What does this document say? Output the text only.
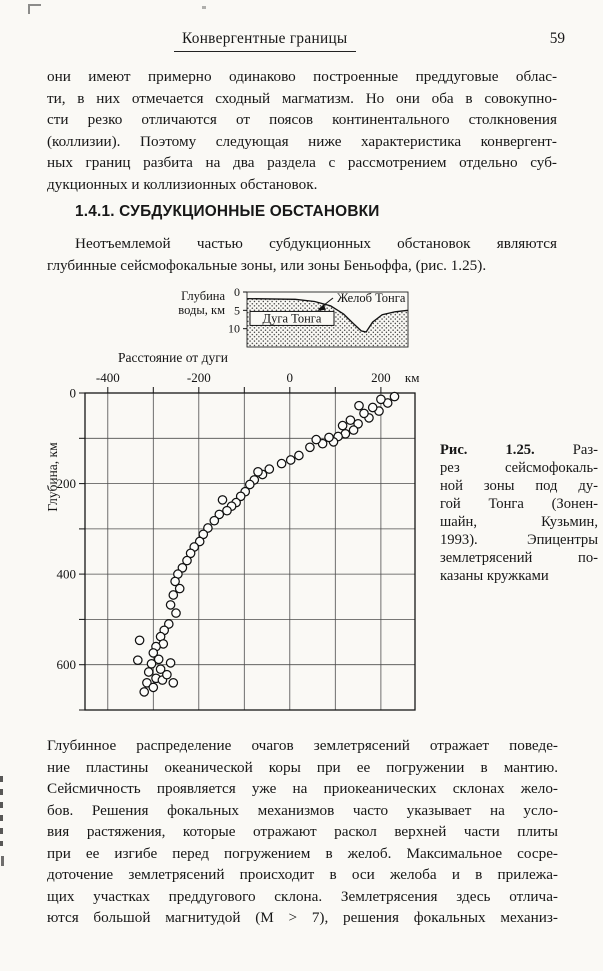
Конвергентные границы	59
они имеют примерно одинаково построенные преддуговые облас-
ти, в них отмечается сходный магматизм. Но они оба в совокупно-
сти резко отличаются от поясов континентального столкновения
(коллизии). Поэтому следующая ниже характеристика конвергент-
ных границ разбита на два раздела с рассмотрением отдельно суб-
дукционных и коллизионных обстановок.
1.4.1. СУБДУКЦИОННЫЕ ОБСТАНОВКИ
Неотъемлемой частью субдукционных обстановок являются
глубинные сейсмофокальные зоны, или зоны Беньоффа, (рис. 1.25).
0
5
10
Глубина
воды, км
Дуга Тонга
Желоб Тонга
-400	-200	0	200 км
0
200
400
600
Расстояние от дуги
Глубина, км	Рис. 1.25.	Раз-
рез сейсмофокаль-
ной зоны под ду-
гой Тонга (Зонен-
шайн, Кузьмин,
1993). Эпицентры
землетрясений по-
казаны кружками
Глубинное распределение очагов землетрясений отражает поведе-
ние пластины океанической коры при ее погружении в мантию.
Сейсмичность проявляется уже на приокеанических склонах жело-
бов. Решения фокальных механизмов часто указывает на усло-
вия растяжения, которые отражают раскол верхней части плиты
при ее изгибе перед погружением в желоб. Максимальное сосре-
доточение землетрясений происходит в оси желоба и в прилежа-
щих участках преддугового склона. Землетрясения здесь отлича-
ются большой магнитудой (М > 7), решения фокальных механиз-
